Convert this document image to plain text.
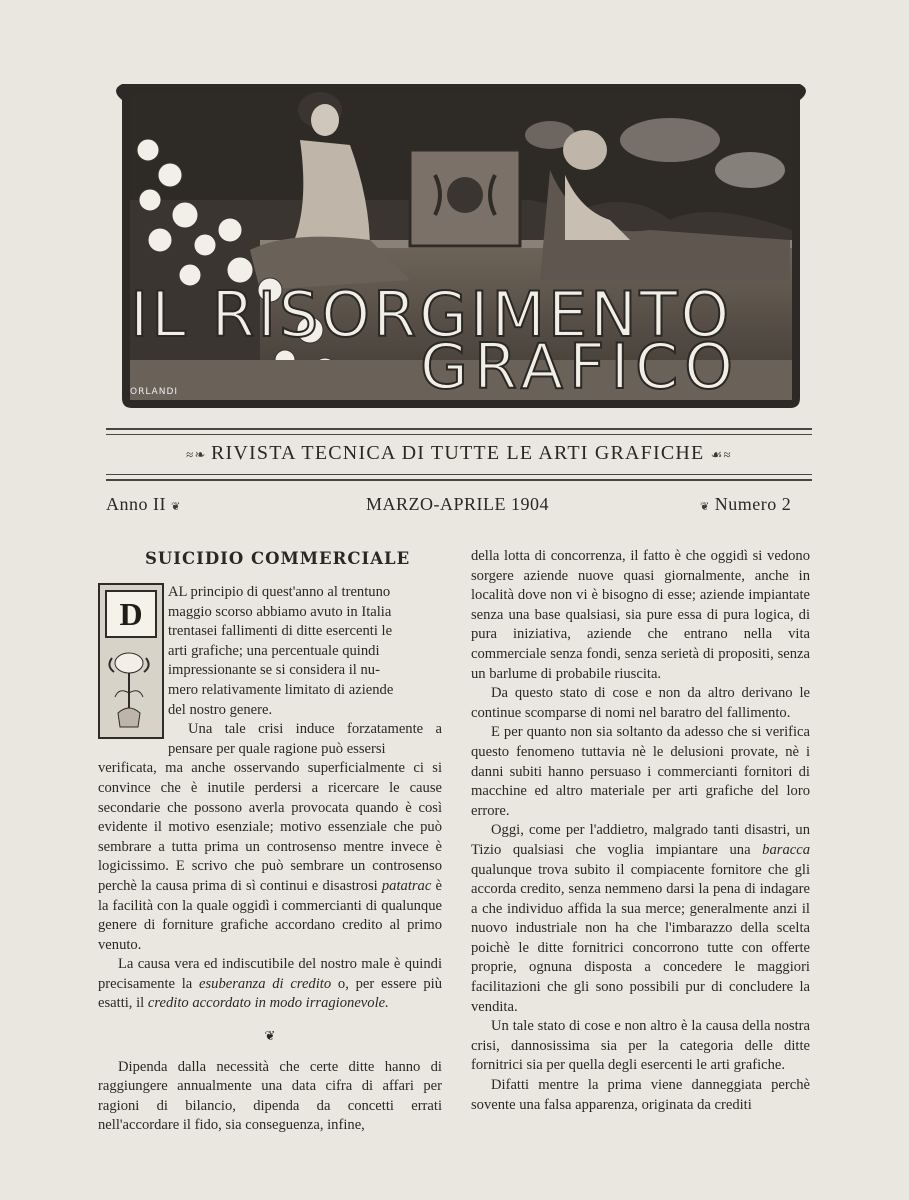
IL RISORGIMENTO
GRAFICO
ORLANDI
≈❧ RIVISTA TECNICA DI TUTTE LE ARTI GRAFICHE ☙≈
Anno II ❦	MARZO-APRILE 1904	❦ Numero 2
SUICIDIO COMMERCIALE
D

AL principio di quest'anno al trentuno

maggio scorso abbiamo avuto in Italia

trentasei fallimenti di ditte esercenti le

arti grafiche; una percentuale quindi

impressionante se si considera il nu-

mero relativamente limitato di aziende

del nostro genere.

Una tale crisi induce forzatamente a pensare per quale ragione può essersi

verificata, ma anche osservando superficialmente ci si convince che è inutile perdersi a ricercare le cause secondarie che possono averla provocata quando è così evidente il motivo esenziale; motivo essenziale che può sembrare a tutta prima un controsenso mentre invece è logicissimo. E scrivo che può sembrare un controsenso perchè la causa prima di sì continui e disastrosi patatrac è la facilità con la quale oggidì i commercianti di qualunque genere di forniture grafiche accordano credito al primo venuto.

La causa vera ed indiscutibile del nostro male è quindi precisamente la esuberanza di credito o, per essere più esatti, il credito accordato in modo irragionevole.

❦

Dipenda dalla necessità che certe ditte hanno di raggiungere annualmente una data cifra di affari per ragioni di bilancio, dipenda da concetti errati nell'accordare il fido, sia conseguenza, infine,

della lotta di concorrenza, il fatto è che oggidì si vedono sorgere aziende nuove quasi giornalmente, anche in località dove non vi è bisogno di esse; aziende impiantate senza una base qualsiasi, sia pure essa di pura logica, di pura iniziativa, aziende che entrano nella vita commerciale senza fondi, senza serietà di propositi, senza un barlume di probabile riuscita.

Da questo stato di cose e non da altro derivano le continue scomparse di nomi nel baratro del fallimento.

E per quanto non sia soltanto da adesso che si verifica questo fenomeno tuttavia nè le delusioni provate, nè i danni subiti hanno persuaso i commercianti fornitori di macchine ed altro materiale per arti grafiche del loro errore.

Oggi, come per l'addietro, malgrado tanti disastri, un Tizio qualsiasi che voglia impiantare una baracca qualunque trova subito il compiacente fornitore che gli accorda credito, senza nemmeno darsi la pena di indagare a che individuo affida la sua merce; generalmente anzi il nuovo industriale non ha che l'imbarazzo della scelta poichè le ditte fornitrici concorrono tutte con offerte proprie, ognuna disposta a concedere le maggiori facilitazioni che gli sono possibili pur di concludere la vendita.

Un tale stato di cose e non altro è la causa della nostra crisi, dannosissima sia per la categoria delle ditte fornitrici sia per quella degli esercenti le arti grafiche.

Difatti mentre la prima viene danneggiata perchè sovente una falsa apparenza, originata da crediti
